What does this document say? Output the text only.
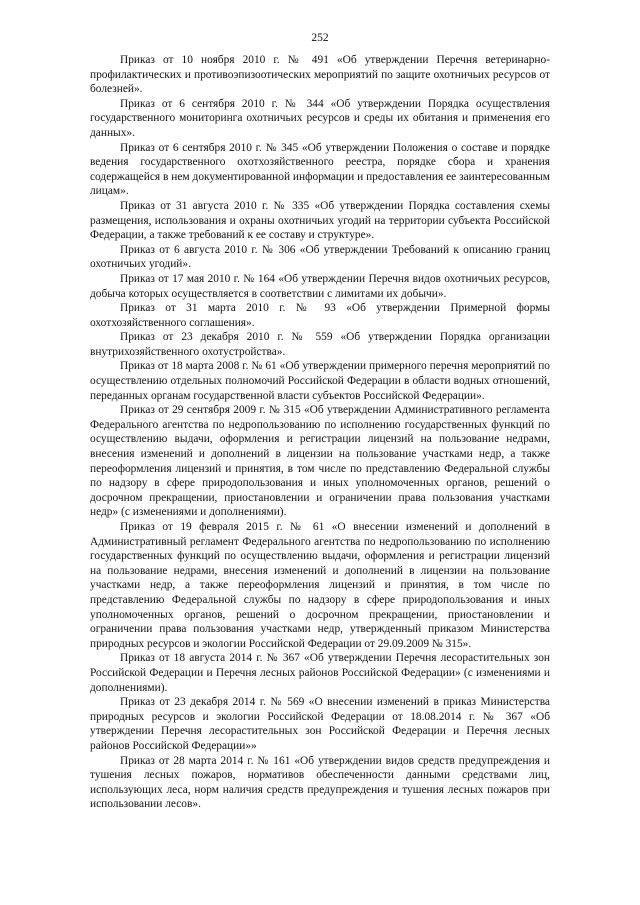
252

Приказ от 10 ноября 2010 г. № 491 «Об утверждении Перечня ветеринарно-профилактических и противоэпизоотических мероприятий по защите охотничьих ресурсов от болезней».

Приказ от 6 сентября 2010 г. № 344 «Об утверждении Порядка осуществления государственного мониторинга охотничьих ресурсов и среды их обитания и применения его данных».

Приказ от 6 сентября 2010 г. № 345 «Об утверждении Положения о составе и порядке ведения государственного охотхозяйственного реестра, порядке сбора и хранения содержащейся в нем документированной информации и предоставления ее заинтересованным лицам».

Приказ от 31 августа 2010 г. № 335 «Об утверждении Порядка составления схемы размещения, использования и охраны охотничьих угодий на территории субъекта Российской Федерации, а также требований к ее составу и структуре».

Приказ от 6 августа 2010 г. № 306 «Об утверждении Требований к описанию границ охотничьих угодий».

Приказ от 17 мая 2010 г. № 164 «Об утверждении Перечня видов охотничьих ресурсов, добыча которых осуществляется в соответствии с лимитами их добычи».

Приказ от 31 марта 2010 г. № 93 «Об утверждении Примерной формы охотхозяйственного соглашения».

Приказ от 23 декабря 2010 г. № 559 «Об утверждении Порядка организации внутрихозяйственного охотустройства».

Приказ от 18 марта 2008 г. № 61 «Об утверждении примерного перечня мероприятий по осуществлению отдельных полномочий Российской Федерации в области водных отношений, переданных органам государственной власти субъектов Российской Федерации».

Приказ от 29 сентября 2009 г. № 315 «Об утверждении Административного регламента Федерального агентства по недропользованию по исполнению государственных функций по осуществлению выдачи, оформления и регистрации лицензий на пользование недрами, внесения изменений и дополнений в лицензии на пользование участками недр, а также переоформления лицензий и принятия, в том числе по представлению Федеральной службы по надзору в сфере природопользования и иных уполномоченных органов, решений о досрочном прекращении, приостановлении и ограничении права пользования участками недр» (с изменениями и дополнениями).

Приказ от 19 февраля 2015 г. № 61 «О внесении изменений и дополнений в Административный регламент Федерального агентства по недропользованию по исполнению государственных функций по осуществлению выдачи, оформления и регистрации лицензий на пользование недрами, внесения изменений и дополнений в лицензии на пользование участками недр, а также переоформления лицензий и принятия, в том числе по представлению Федеральной службы по надзору в сфере природопользования и иных уполномоченных органов, решений о досрочном прекращении, приостановлении и ограничении права пользования участками недр, утвержденный приказом Министерства природных ресурсов и экологии Российской Федерации от 29.09.2009 № 315».

Приказ от 18 августа 2014 г. № 367 «Об утверждении Перечня лесорастительных зон Российской Федерации и Перечня лесных районов Российской Федерации» (с изменениями и дополнениями).

Приказ от 23 декабря 2014 г. № 569 «О внесении изменений в приказ Министерства природных ресурсов и экологии Российской Федерации от 18.08.2014 г. № 367 «Об утверждении Перечня лесорастительных зон Российской Федерации и Перечня лесных районов Российской Федерации»»

Приказ от 28 марта 2014 г. № 161 «Об утверждении видов средств предупреждения и тушения лесных пожаров, нормативов обеспеченности данными средствами лиц, использующих леса, норм наличия средств предупреждения и тушения лесных пожаров при использовании лесов».
